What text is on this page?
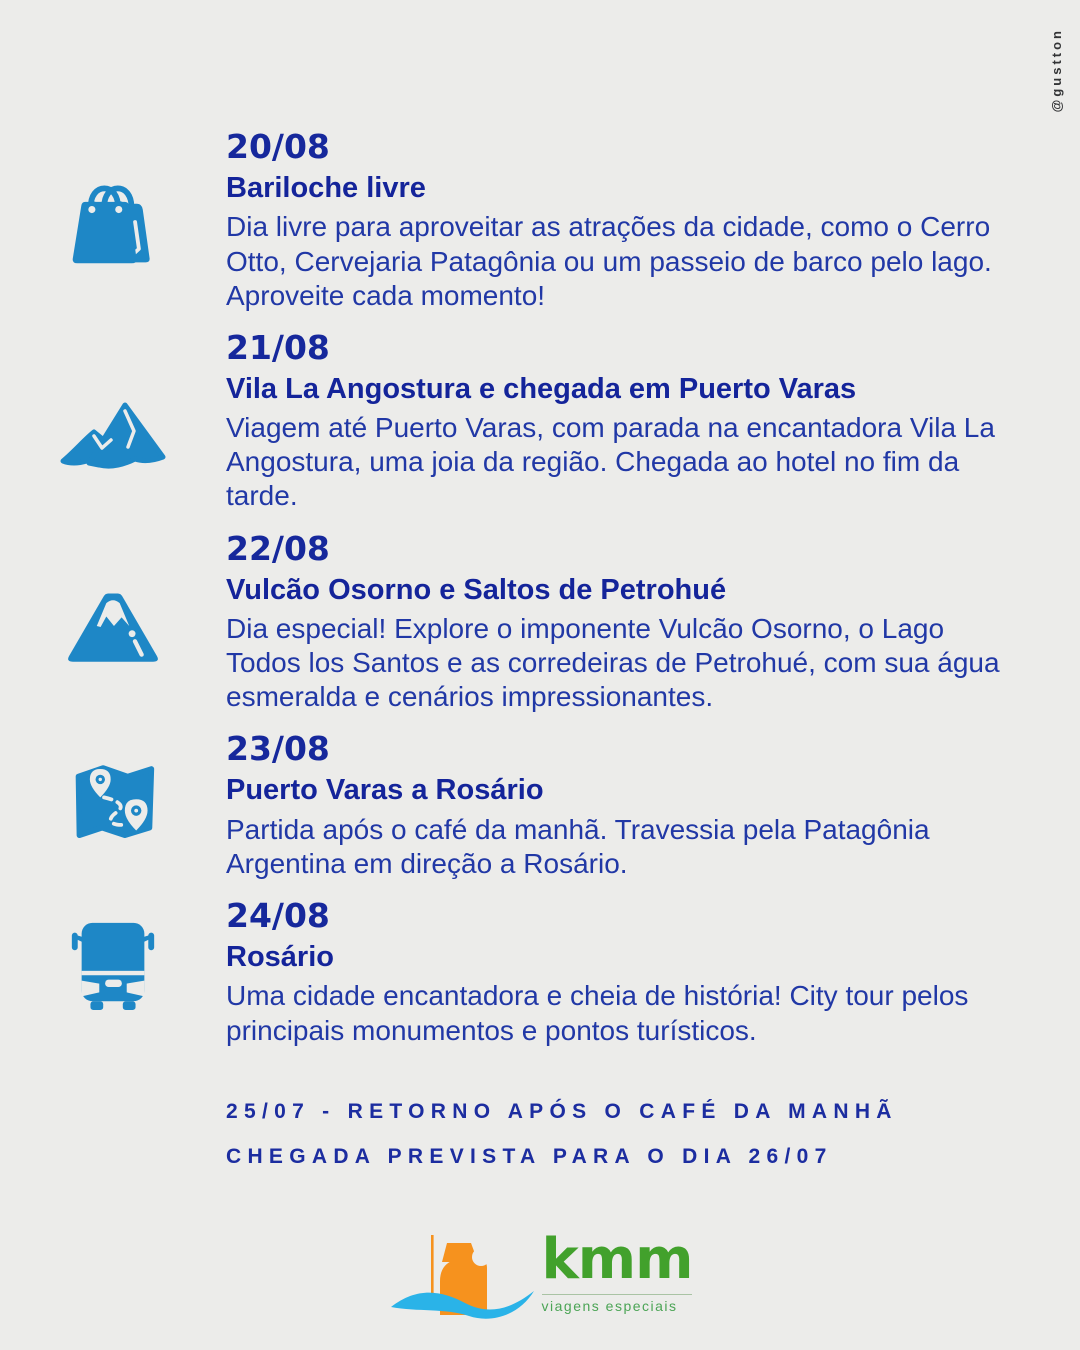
@gustton
20/08
Bariloche livre

Dia livre para aproveitar as atrações da cidade, como o Cerro Otto, Cervejaria Patagônia ou um passeio de barco pelo lago. Aproveite cada momento!

21/08
Vila La Angostura e chegada em Puerto Varas

Viagem até Puerto Varas, com parada na encantadora Vila La Angostura, uma joia da região. Chegada ao hotel no fim da tarde.

22/08
Vulcão Osorno e Saltos de Petrohué

Dia especial! Explore o imponente Vulcão Osorno, o Lago Todos los Santos e as corredeiras de Petrohué, com sua água esmeralda e cenários impressionantes.

23/08
Puerto Varas a Rosário

Partida após o café da manhã. Travessia pela Patagônia Argentina em direção a Rosário.

24/08
Rosário

Uma cidade encantadora e cheia de história! City tour pelos principais monumentos e pontos turísticos.

25/07 - RETORNO APÓS O CAFÉ DA MANHÃ

CHEGADA PREVISTA PARA O DIA 26/07

kmm
viagens especiais
